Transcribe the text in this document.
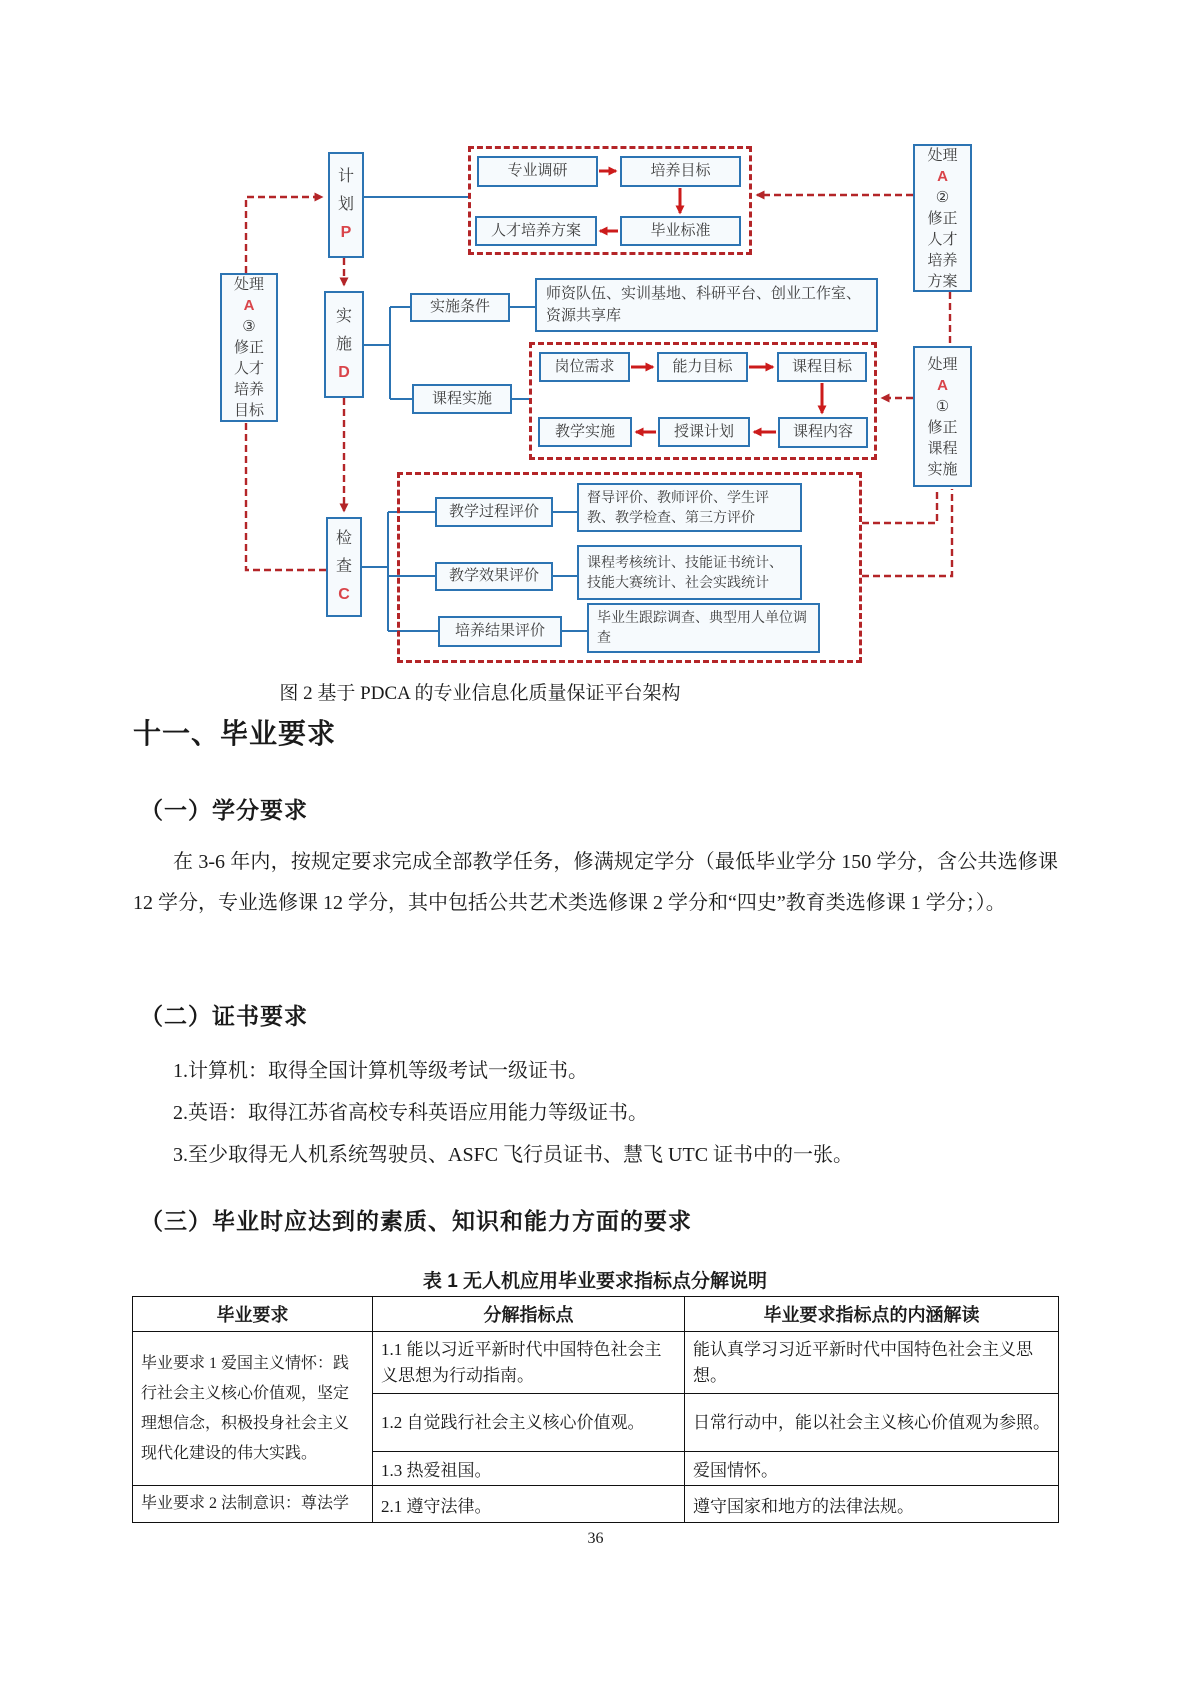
计划
P
实施
D
检查
C
处理
A
③
修正人才培养目标
处理
A
②
修正人才培养方案
处理
A
①
修正课程实施
专业调研	培养目标
人才培养方案	毕业标准
实施条件
师资队伍、实训基地、科研平台、创业工作室、资源共享库
课程实施
岗位需求	能力目标	课程目标
教学实施	授课计划	课程内容
教学过程评价
督导评价、教师评价、学生评教、教学检查、第三方评价
教学效果评价
课程考核统计、技能证书统计、技能大赛统计、社会实践统计
培养结果评价
毕业生跟踪调查、典型用人单位调查
图 2 基于 PDCA 的专业信息化质量保证平台架构
十一、毕业要求
（一）学分要求
在 3-6 年内，按规定要求完成全部教学任务，修满规定学分（最低毕业学分 150 学分，含公共选修课 12 学分，专业选修课 12 学分，其中包括公共艺术类选修课 2 学分和“四史”教育类选修课 1 学分；）。
（二）证书要求
1.计算机：取得全国计算机等级考试一级证书。
2.英语：取得江苏省高校专科英语应用能力等级证书。
3.至少取得无人机系统驾驶员、ASFC 飞行员证书、慧飞 UTC 证书中的一张。
（三）毕业时应达到的素质、知识和能力方面的要求
表 1 无人机应用毕业要求指标点分解说明
毕业要求	分解指标点	毕业要求指标点的内涵解读
毕业要求 1 爱国主义情怀：践行社会主义核心价值观，坚定理想信念，积极投身社会主义现代化建设的伟大实践。	1.1 能以习近平新时代中国特色社会主义思想为行动指南。	能认真学习习近平新时代中国特色社会主义思想。
	1.2 自觉践行社会主义核心价值观。	日常行动中，能以社会主义核心价值观为参照。
	1.3 热爱祖国。	爱国情怀。
毕业要求 2 法制意识：尊法学	2.1 遵守法律。	遵守国家和地方的法律法规。
36
